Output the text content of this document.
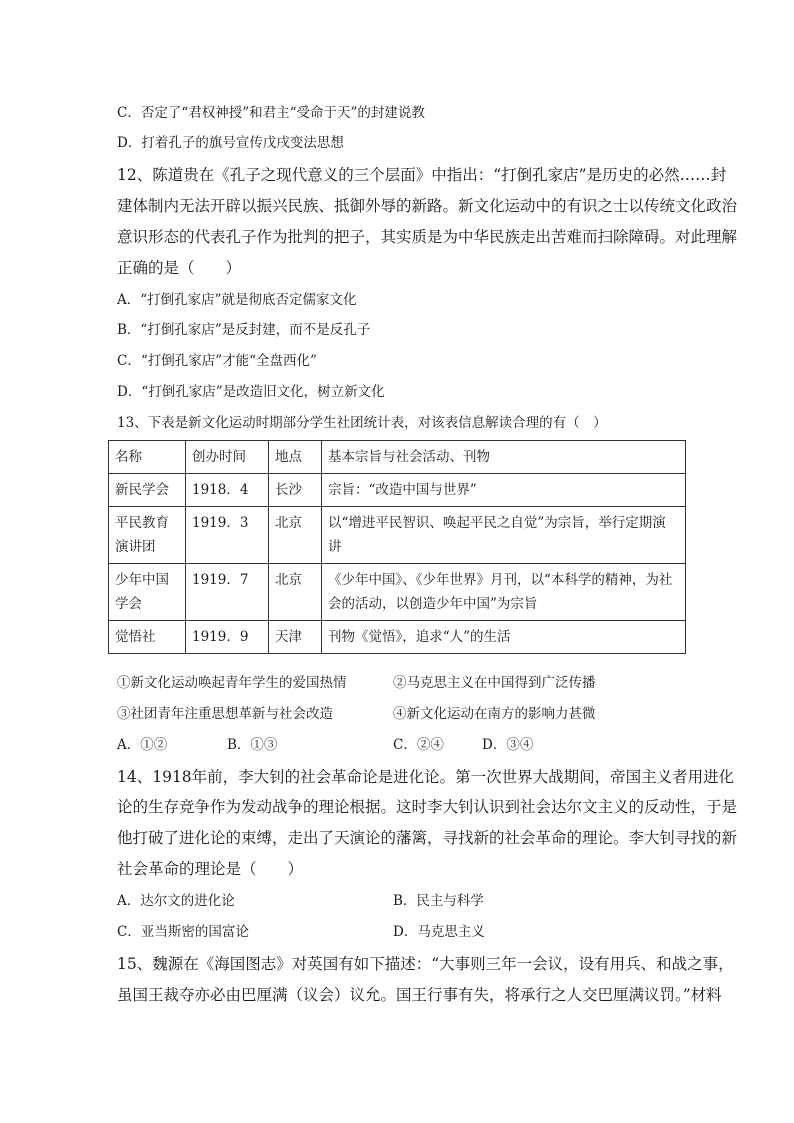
C．否定了“君权神授”和君主“受命于天”的封建说教
D．打着孔子的旗号宣传戊戌变法思想
12、陈道贵在《孔子之现代意义的三个层面》中指出：“打倒孔家店”是历史的必然……封
建体制内无法开辟以振兴民族、抵御外辱的新路。新文化运动中的有识之士以传统文化政治
意识形态的代表孔子作为批判的把子，其实质是为中华民族走出苦难而扫除障碍。对此理解
正确的是（　　）
A．“打倒孔家店”就是彻底否定儒家文化
B．“打倒孔家店”是反封建，而不是反孔子
C．“打倒孔家店”才能“全盘西化”
D．“打倒孔家店”是改造旧文化，树立新文化
13、下表是新文化运动时期部分学生社团统计表，对该表信息解读合理的有（　）
名称	创办时间	地点	基本宗旨与社会活动、刊物
新民学会	1918．4	长沙	宗旨：“改造中国与世界”
平民教育演讲团	1919．3	北京	以“增进平民智识、唤起平民之自觉”为宗旨，举行定期演讲
少年中国学会	1919．7	北京	《少年中国》、《少年世界》月刊，以“本科学的精神，为社会的活动，以创造少年中国”为宗旨
觉悟社	1919．9	天津	刊物《觉悟》，追求“人”的生活
①新文化运动唤起青年学生的爱国热情	②马克思主义在中国得到广泛传播
③社团青年注重思想革新与社会改造	④新文化运动在南方的影响力甚微
A．①②	B．①③	C．②④	D．③④
14、1918年前，李大钊的社会革命论是进化论。第一次世界大战期间，帝国主义者用进化
论的生存竞争作为发动战争的理论根据。这时李大钊认识到社会达尔文主义的反动性，于是
他打破了进化论的束缚，走出了天演论的藩篱，寻找新的社会革命的理论。李大钊寻找的新
社会革命的理论是（　　）
A．达尔文的进化论	B．民主与科学
C．亚当斯密的国富论	D．马克思主义
15、魏源在《海国图志》对英国有如下描述：“大事则三年一会议，设有用兵、和战之事，
虽国王裁夺亦必由巴厘满（议会）议允。国王行事有失，将承行之人交巴厘满议罚。”材料
